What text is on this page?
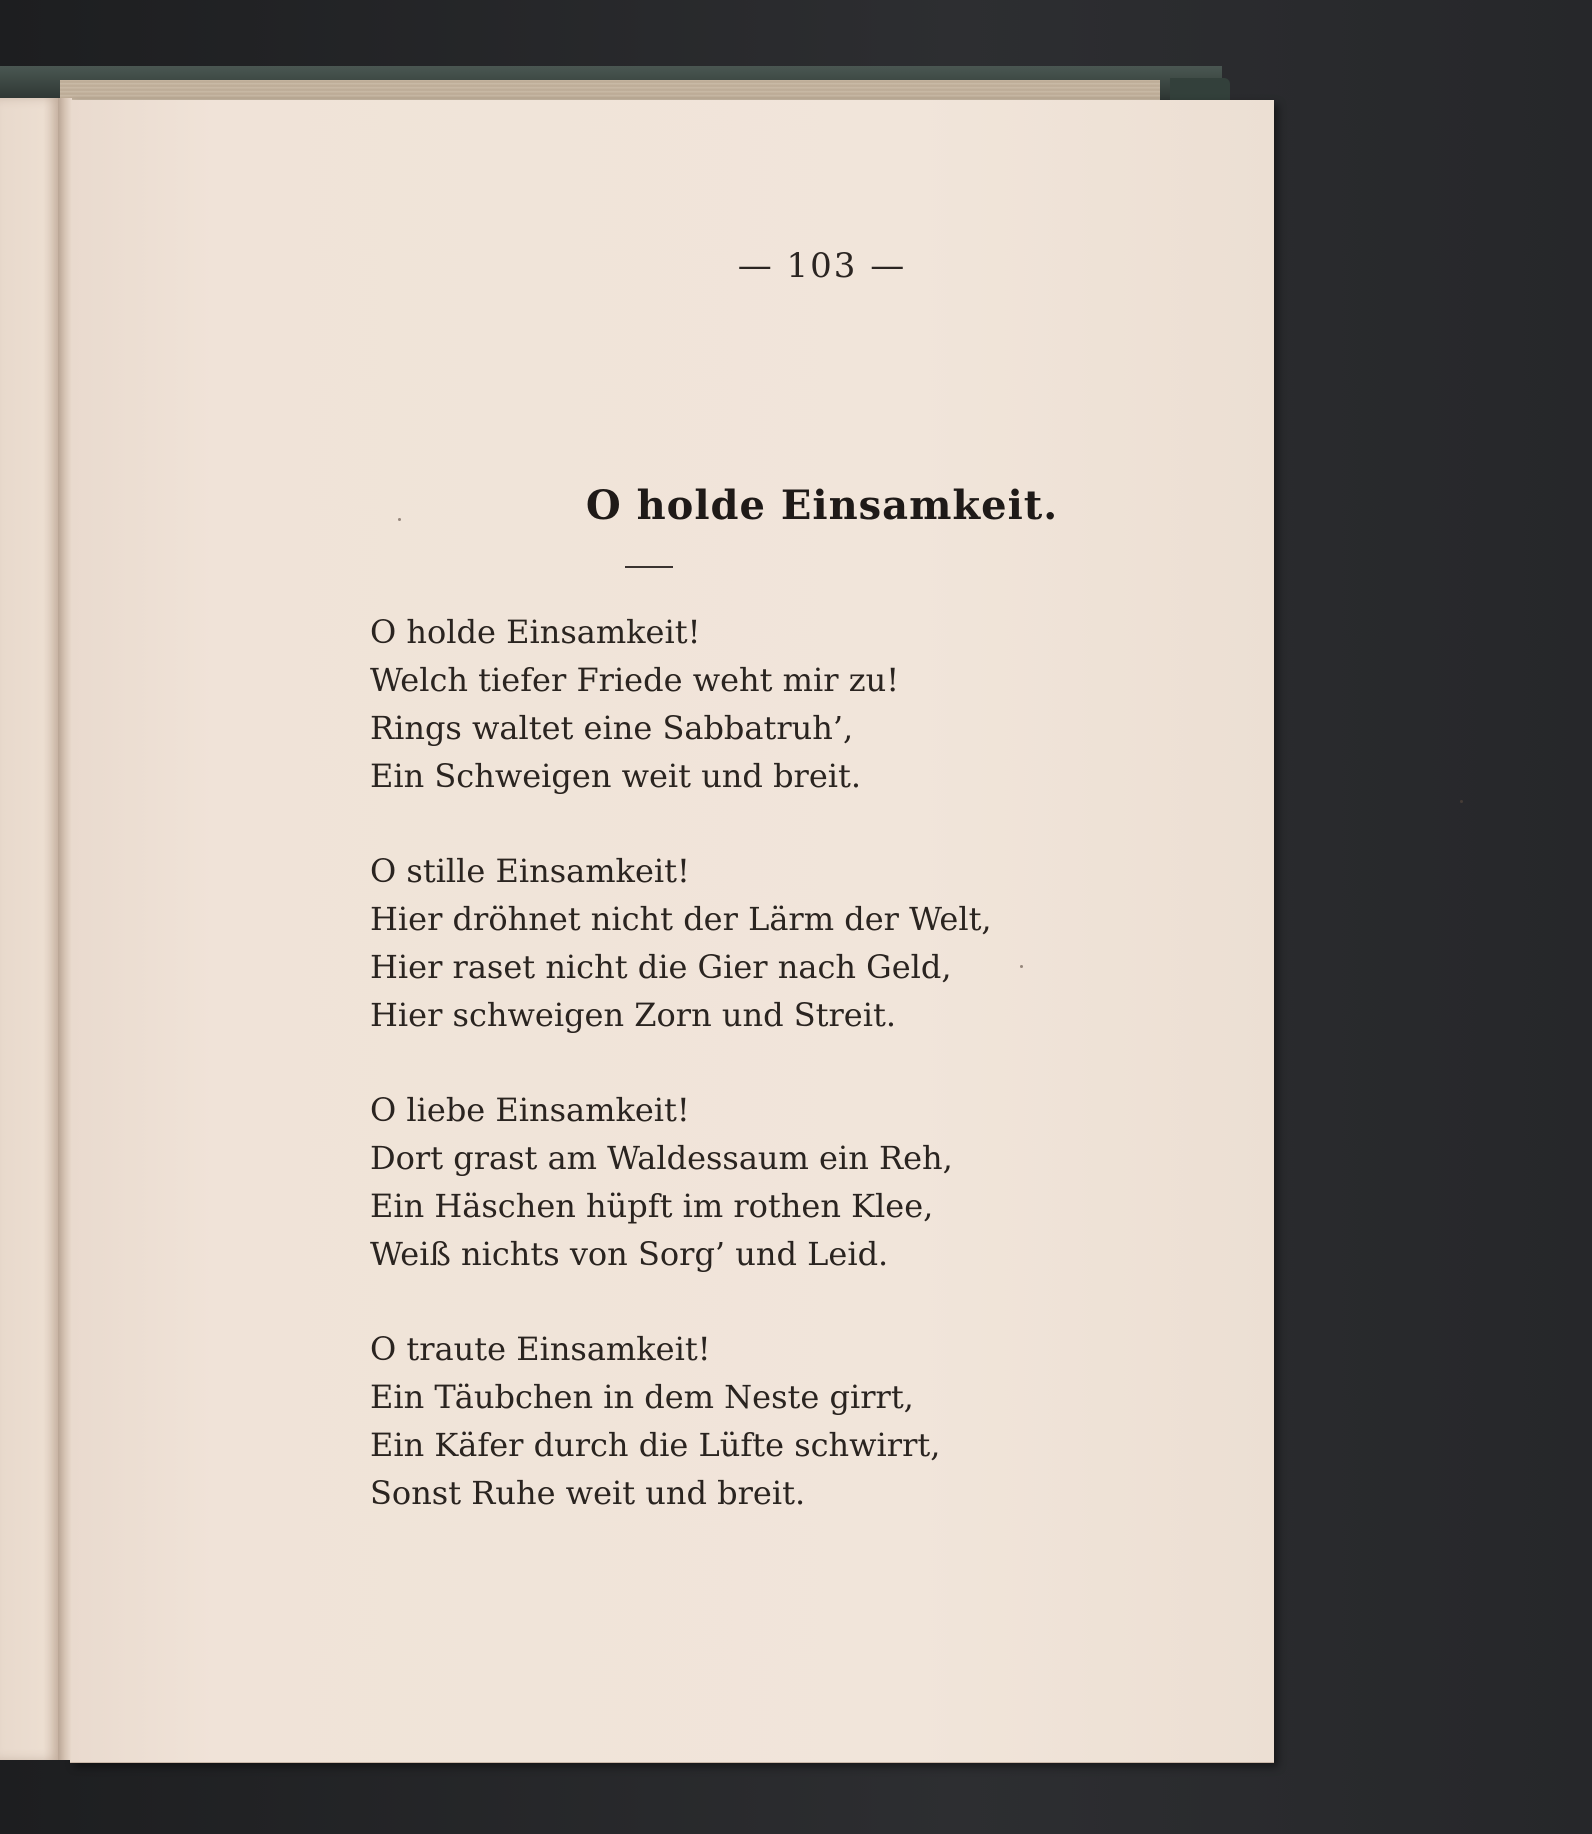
— 103 —
O holde Einsamkeit.
O holde Einsamkeit!
Welch tiefer Friede weht mir zu!
Rings waltet eine Sabbatruh’,
Ein Schweigen weit und breit.
O stille Einsamkeit!
Hier dröhnet nicht der Lärm der Welt,
Hier raset nicht die Gier nach Geld,
Hier schweigen Zorn und Streit.
O liebe Einsamkeit!
Dort grast am Waldessaum ein Reh,
Ein Häschen hüpft im rothen Klee,
Weiß nichts von Sorg’ und Leid.
O traute Einsamkeit!
Ein Täubchen in dem Neste girrt,
Ein Käfer durch die Lüfte schwirrt,
Sonst Ruhe weit und breit.
